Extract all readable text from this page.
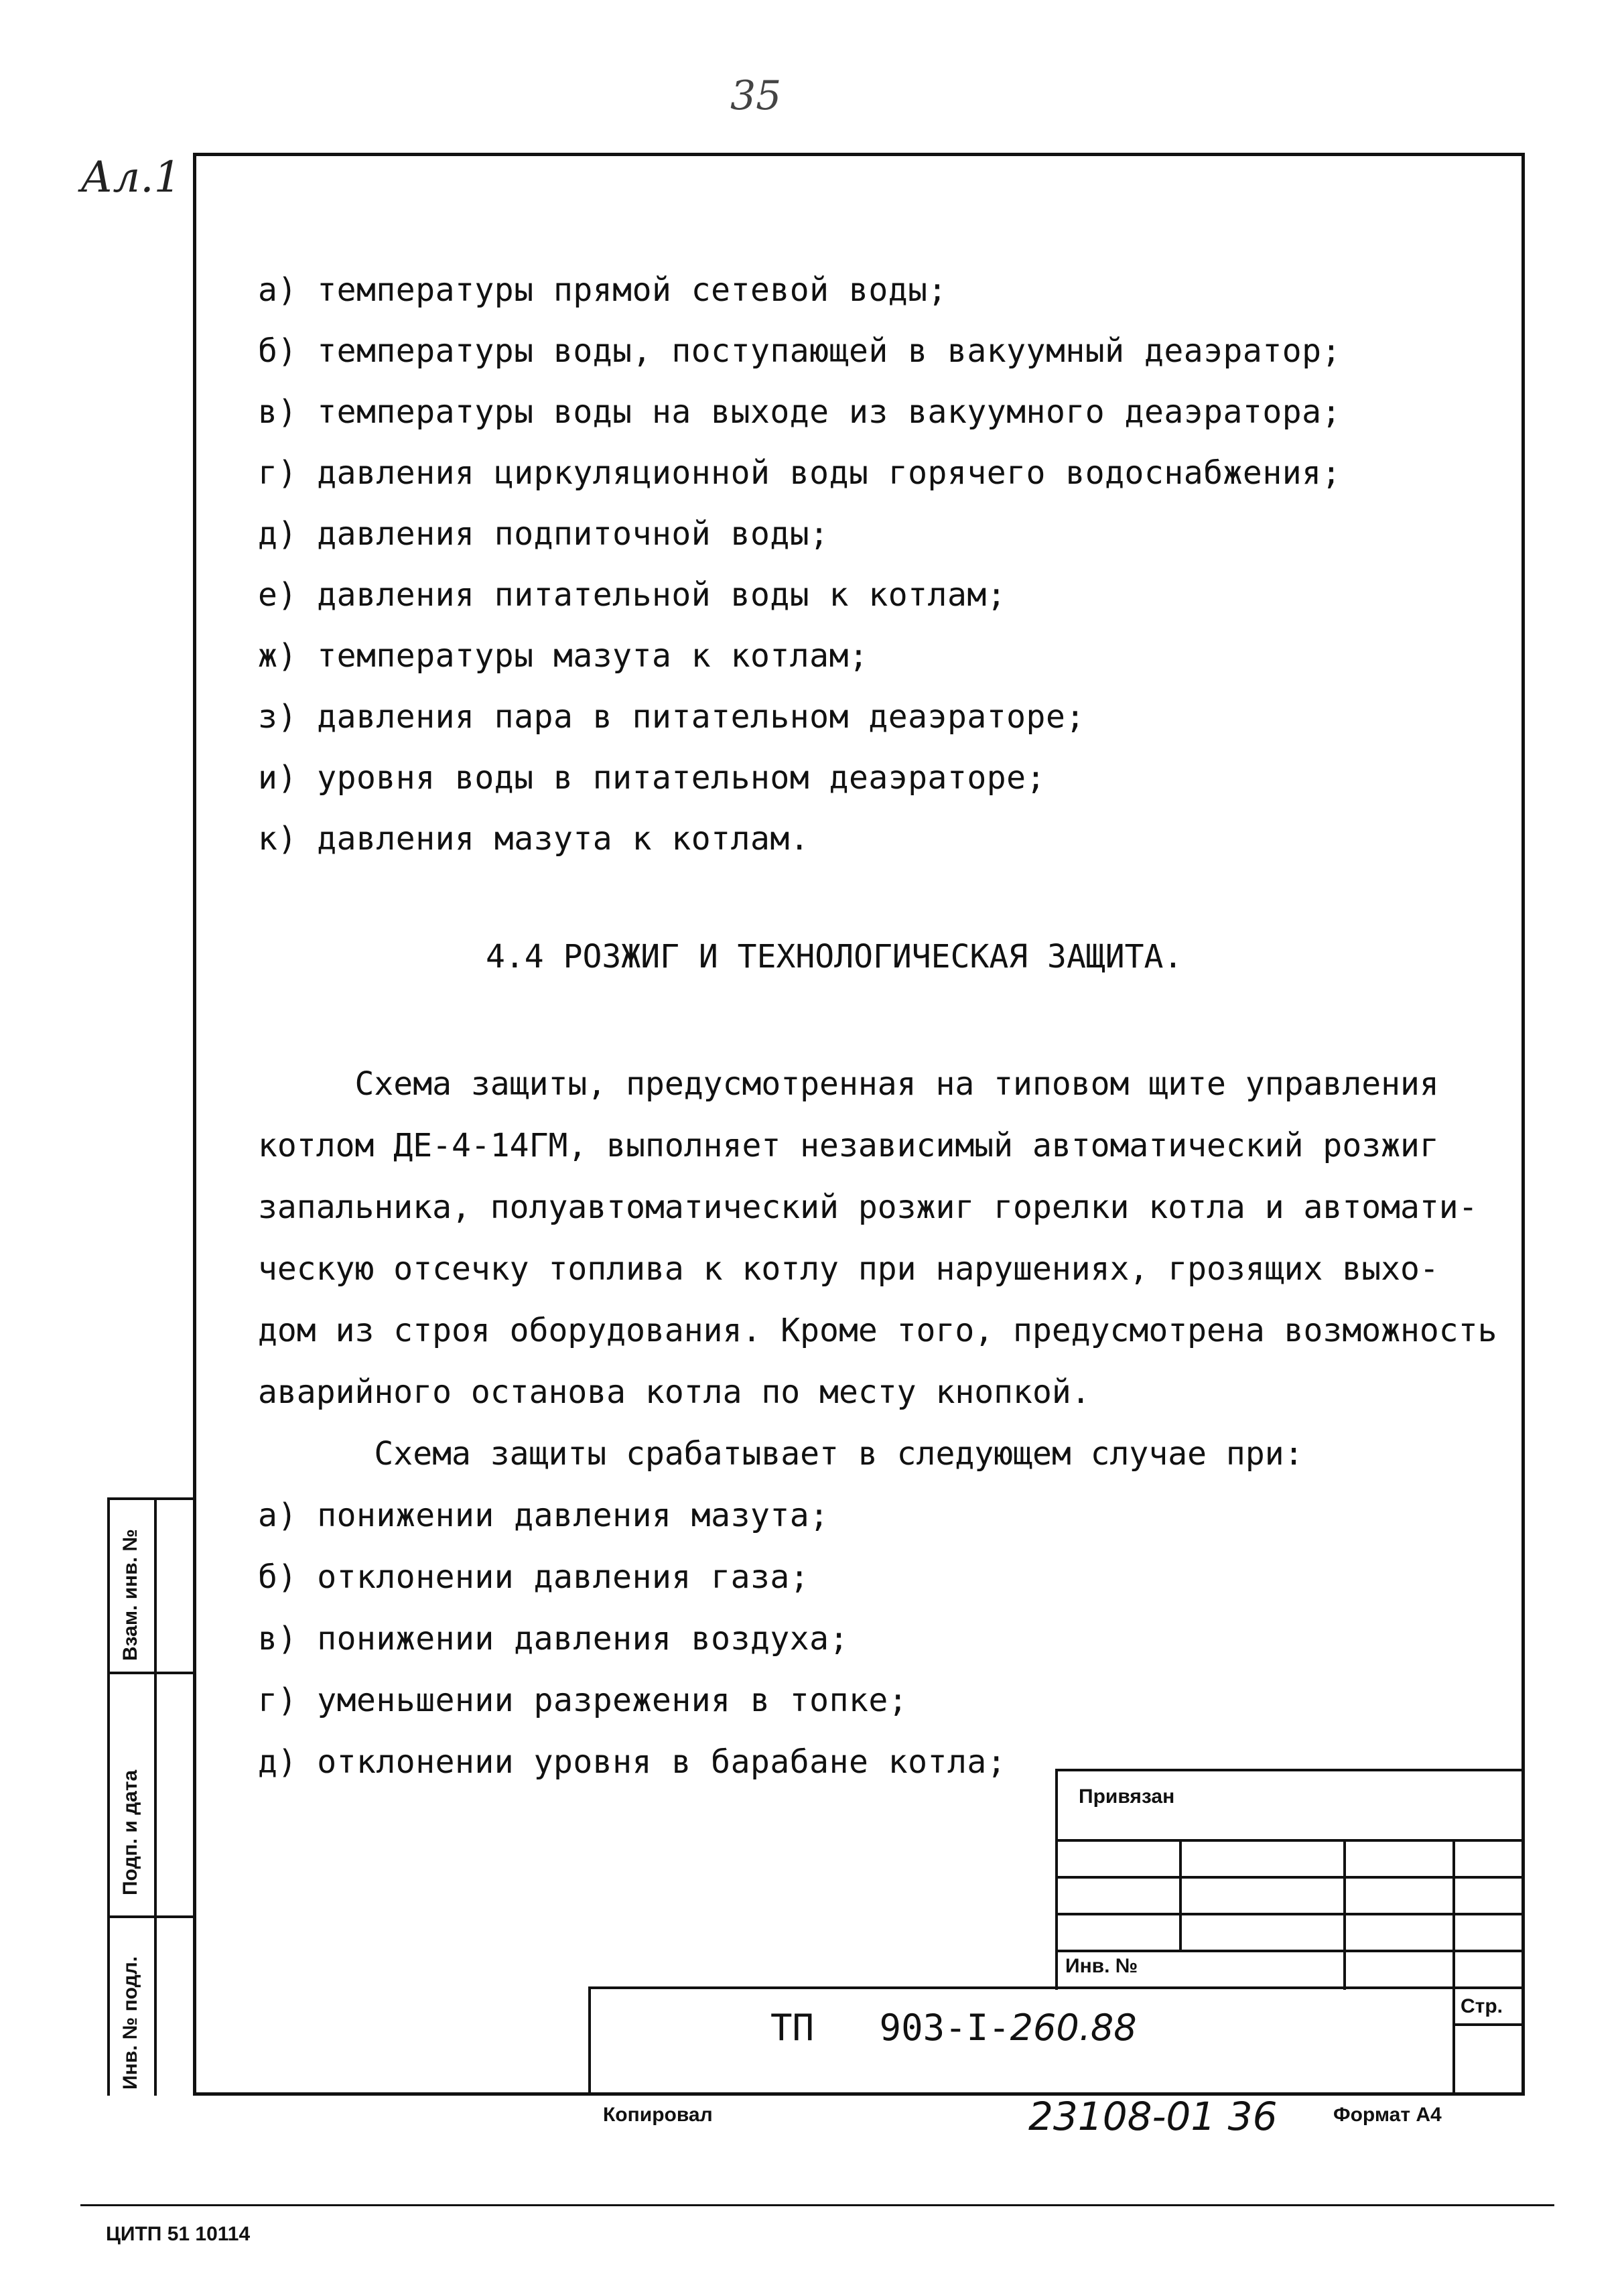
Ал.1
35
а) температуры прямой сетевой воды;
б) температуры воды, поступающей в вакуумный деаэратор;
в) температуры воды на выходе из вакуумного деаэратора;
г) давления циркуляционной воды горячего водоснабжения;
д) давления подпиточной воды;
е) давления питательной воды к котлам;
ж) температуры мазута к котлам;
з) давления пара в питательном деаэраторе;
и) уровня воды в питательном деаэраторе;
к) давления мазута к котлам.
4.4 РОЗЖИГ И ТЕХНОЛОГИЧЕСКАЯ ЗАЩИТА.
Схема защиты, предусмотренная на типовом щите управления
котлом ДЕ-4-14ГМ, выполняет независимый автоматический розжиг
запальника, полуавтоматический розжиг горелки котла и автомати-
ческую отсечку топлива к котлу при нарушениях, грозящих выхо-
дом из строя оборудования. Кроме того, предусмотрена возможность
аварийного останова котла по месту кнопкой.
Схема защиты срабатывает в следующем случае при:
а) понижении давления мазута;
б) отклонении давления газа;
в) понижении давления воздуха;
г) уменьшении разрежения в топке;
д) отклонении уровня в барабане котла;
Взам. инв. №
Подп. и дата
Инв. № подл.
Привязан
Инв. №
Стр.
ТП   903-I-260.88
Копировал	23108-01 36	Формат А4
ЦИТП 51 10114
